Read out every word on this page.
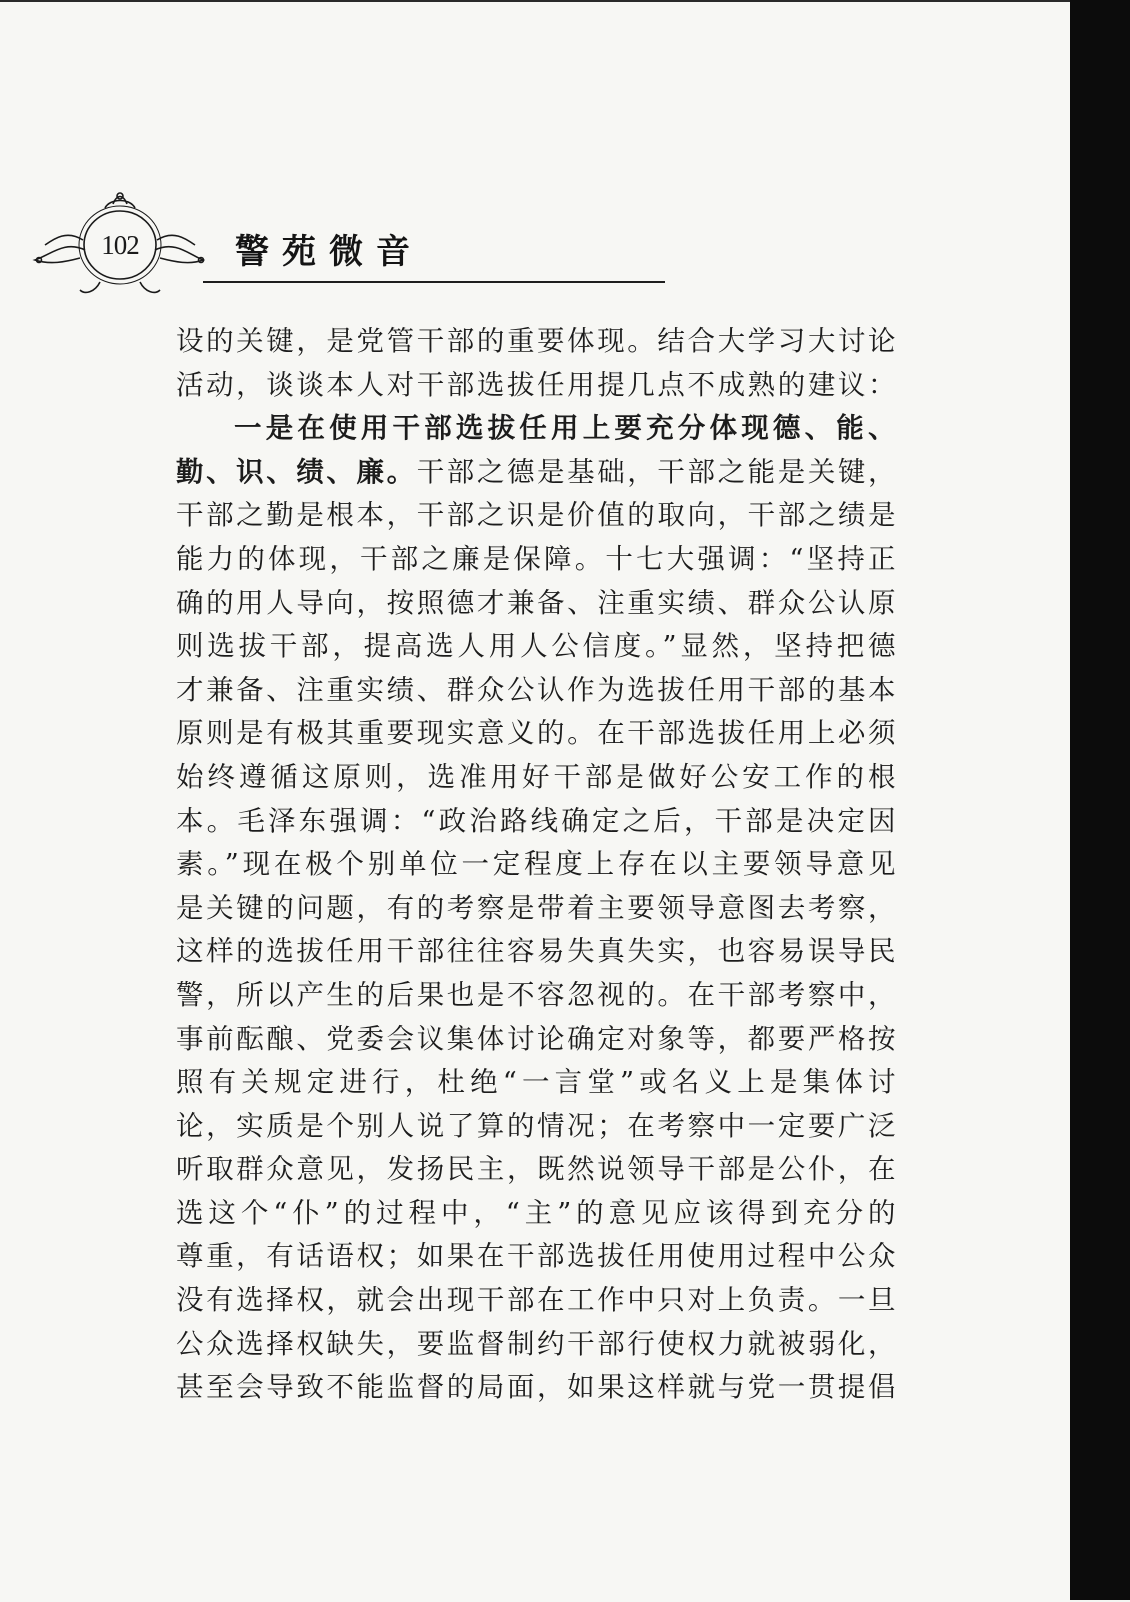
102	警苑微音
设的关键，是党管干部的重要体现。结合大学习大讨论
活动，谈谈本人对干部选拔任用提几点不成熟的建议：
一是在使用干部选拔任用上要充分体现德、能、
勤、识、绩、廉。干部之德是基础，干部之能是关键，
干部之勤是根本，干部之识是价值的取向，干部之绩是
能力的体现，干部之廉是保障。十七大强调：“坚持正
确的用人导向，按照德才兼备、注重实绩、群众公认原
则选拔干部，提高选人用人公信度。”显然，坚持把德
才兼备、注重实绩、群众公认作为选拔任用干部的基本
原则是有极其重要现实意义的。在干部选拔任用上必须
始终遵循这原则，选准用好干部是做好公安工作的根
本。毛泽东强调：“政治路线确定之后，干部是决定因
素。”现在极个别单位一定程度上存在以主要领导意见
是关键的问题，有的考察是带着主要领导意图去考察，
这样的选拔任用干部往往容易失真失实，也容易误导民
警，所以产生的后果也是不容忽视的。在干部考察中，
事前酝酿、党委会议集体讨论确定对象等，都要严格按
照有关规定进行，杜绝“一言堂”或名义上是集体讨
论，实质是个别人说了算的情况；在考察中一定要广泛
听取群众意见，发扬民主，既然说领导干部是公仆，在
选这个“仆”的过程中，“主”的意见应该得到充分的
尊重，有话语权；如果在干部选拔任用使用过程中公众
没有选择权，就会出现干部在工作中只对上负责。一旦
公众选择权缺失，要监督制约干部行使权力就被弱化，
甚至会导致不能监督的局面，如果这样就与党一贯提倡
